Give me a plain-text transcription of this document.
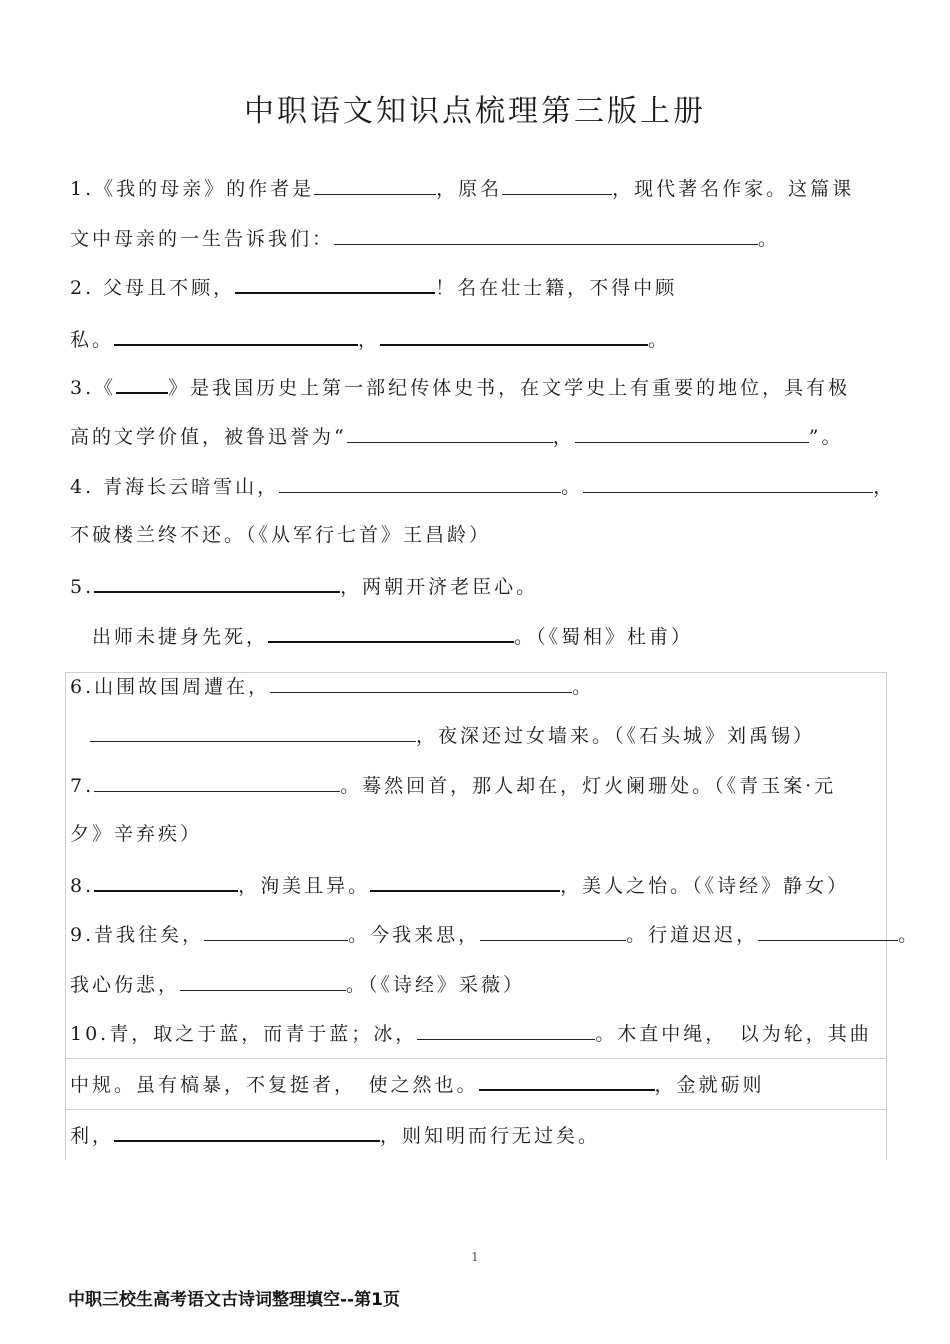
中职语文知识点梳理第三版上册
1.《我的母亲》的作者是	，原名	，现代著名作家。这篇课
文中母亲的一生告诉我们：	。
2. 父母且不顾，	！名在壮士籍，不得中顾
私。	，	。
3.《	》是我国历史上第一部纪传体史书，在文学史上有重要的地位，具有极
高的文学价值，被鲁迅誉为“	，	”。
4. 青海长云暗雪山，	。	，
不破楼兰终不还。（《从军行七首》王昌龄）
5.	，两朝开济老臣心。
出师未捷身先死，	。（《蜀相》杜甫）
6.山围故国周遭在，	。
，夜深还过女墙来。（《石头城》刘禹锡）
7.	。蓦然回首，那人却在，灯火阑珊处。（《青玉案·元
夕》辛弃疾）
8.	，洵美且异。	，美人之怡。（《诗经》静女）
9.昔我往矣，	。今我来思，	。行道迟迟，	。
我心伤悲，	。（《诗经》采薇）
10.青，取之于蓝，而青于蓝；冰，	。木直中绳，　以为轮，其曲
中规。虽有槁暴，不复挺者，　使之然也。	，金就砺则
利，	，则知明而行无过矣。
1
中职三校生高考语文古诗词整理填空--第1页
